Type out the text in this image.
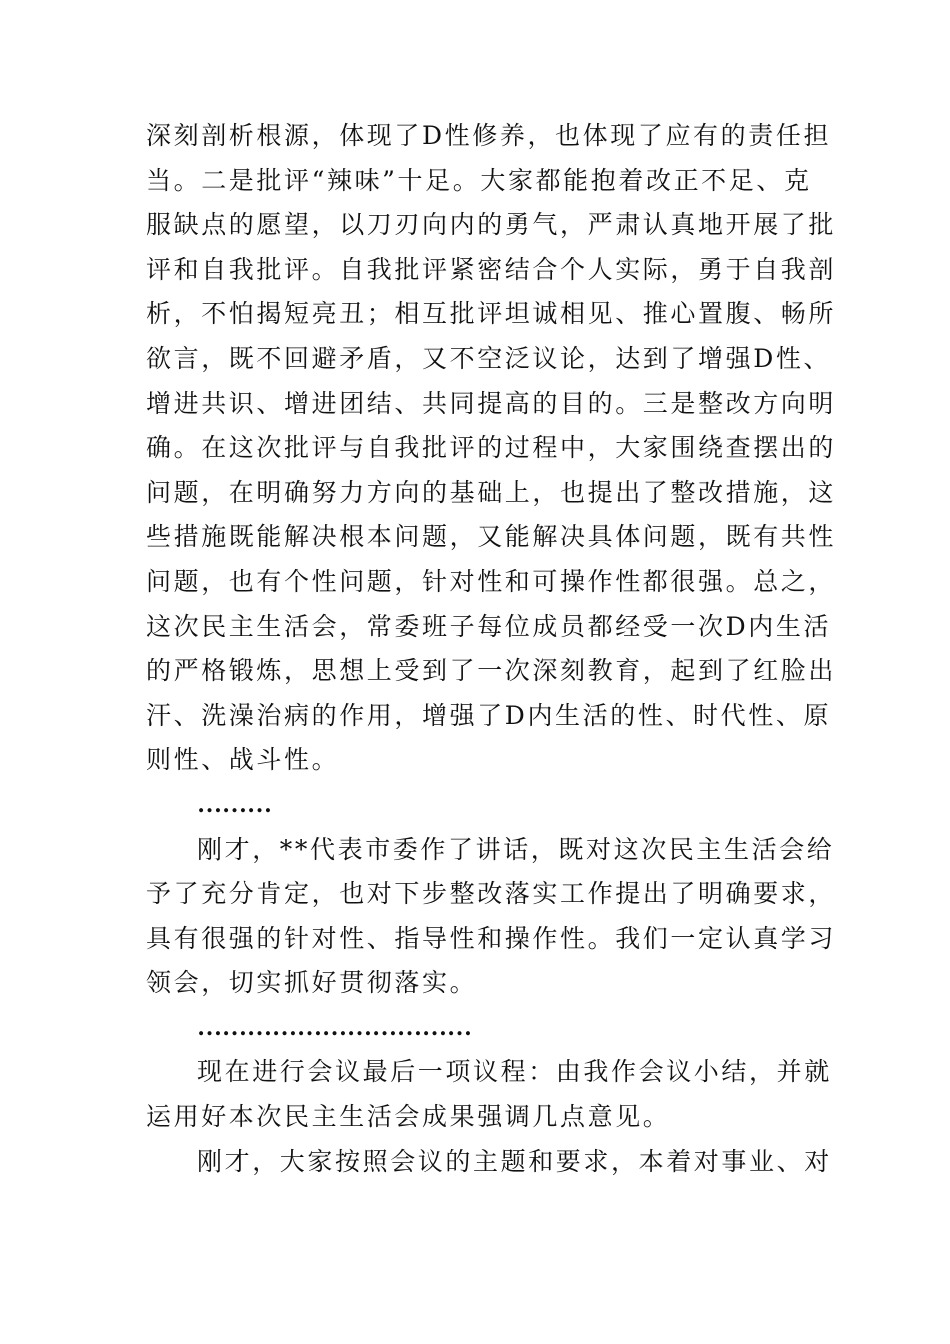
深刻剖析根源，体现了D性修养，也体现了应有的责任担
当。二是批评“辣味”十足。大家都能抱着改正不足、克
服缺点的愿望，以刀刃向内的勇气，严肃认真地开展了批
评和自我批评。自我批评紧密结合个人实际，勇于自我剖
析，不怕揭短亮丑；相互批评坦诚相见、推心置腹、畅所
欲言，既不回避矛盾，又不空泛议论，达到了增强D性、
增进共识、增进团结、共同提高的目的。三是整改方向明
确。在这次批评与自我批评的过程中，大家围绕查摆出的
问题，在明确努力方向的基础上，也提出了整改措施，这
些措施既能解决根本问题，又能解决具体问题，既有共性
问题，也有个性问题，针对性和可操作性都很强。总之，
这次民主生活会，常委班子每位成员都经受一次D内生活
的严格锻炼，思想上受到了一次深刻教育，起到了红脸出
汗、洗澡治病的作用，增强了D内生活的性、时代性、原
则性、战斗性。
………
刚才，**代表市委作了讲话，既对这次民主生活会给
予了充分肯定，也对下步整改落实工作提出了明确要求，
具有很强的针对性、指导性和操作性。我们一定认真学习
领会，切实抓好贯彻落实。
……………………………
现在进行会议最后一项议程：由我作会议小结，并就
运用好本次民主生活会成果强调几点意见。
刚才，大家按照会议的主题和要求，本着对事业、对
